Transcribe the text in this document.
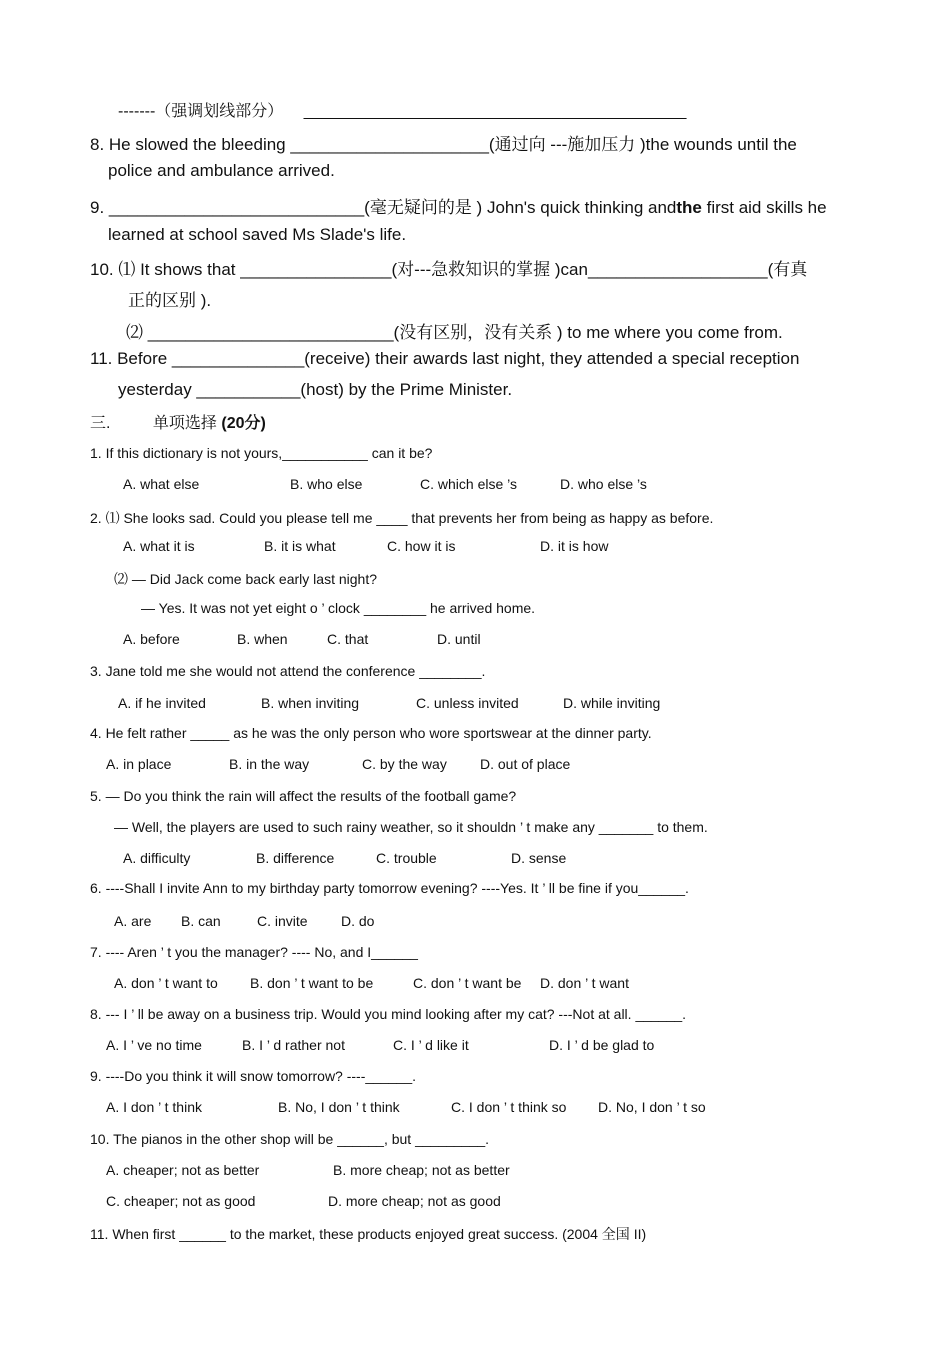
-------（强调划线部分） ___________________________________________
8. He slowed the bleeding _____________________(通过向 ---施加压力 )the wounds until the
police and ambulance arrived.
9. ___________________________(毫无疑问的是 ) John's quick thinking andthe first aid skills he
learned at school saved Ms Slade's life.
10. ⑴ It shows that ________________(对---急救知识的掌握 )can___________________(有真
正的区别 ).
⑵ __________________________(没有区别，没有关系 ) to me where you come from.
11. Before ______________(receive) their awards last night, they attended a special reception
yesterday ___________(host) by the Prime Minister.
三.	单项选择 (20分)
1. If this dictionary is not yours,___________ can it be?
A. what else	B. who else	C. which else ’s	D. who else ’s
2. ⑴ She looks sad. Could you please tell me ____ that prevents her from being as happy as before.
A. what it is	B. it is what	C. how it is	D. it is how
⑵ — Did Jack come back early last night?
— Yes. It was not yet eight o ’ clock ________ he arrived home.
A. before	B. when	C. that	D. until
3. Jane told me she would not attend the conference ________.
A. if he invited	B. when inviting	C. unless invited	D. while inviting
4. He felt rather _____ as he was the only person who wore sportswear at the dinner party.
A. in place	B. in the way	C. by the way D. out of place
5. — Do you think the rain will affect the results of the football game?
— Well, the players are used to such rainy weather, so it shouldn ’ t make any _______ to them.
A. difficulty	B. difference	C. trouble	D. sense
6. ----Shall I invite Ann to my birthday party tomorrow evening? ----Yes. It ’ ll be fine if you______.
A. are B. can	C. invite D. do
7. ---- Aren ’ t you the manager? ---- No, and I______
A. don ’ t want to B. don ’ t want to be	C. don ’ t want be D. don ’ t want
8. --- I ’ ll be away on a business trip. Would you mind looking after my cat? ---Not at all. ______.
A. I ’ ve no time	B. I ’ d rather not	C. I ’ d like it	D. I ’ d be glad to
9. ----Do you think it will snow tomorrow? ----______.
A. I don ’ t think	B. No, I don ’ t think	C. I don ’ t think so D. No, I don ’ t so
10. The pianos in the other shop will be ______, but _________.
A. cheaper; not as better	B. more cheap; not as better
C. cheaper; not as good	D. more cheap; not as good
11. When first ______ to the market, these products enjoyed great success. (2004 全国 II)
